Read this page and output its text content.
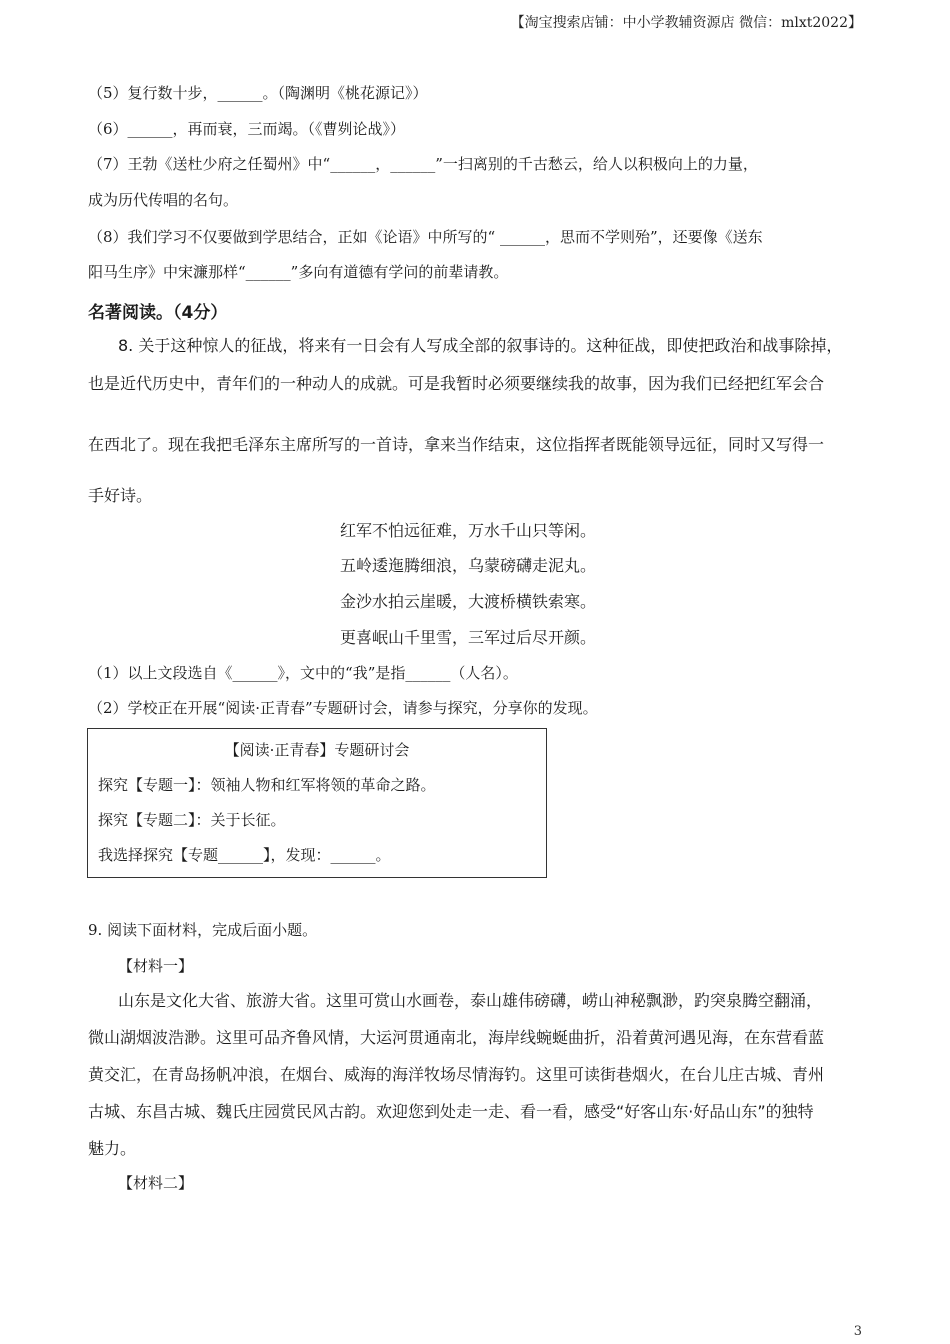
【淘宝搜索店铺：中小学教辅资源店 微信：mlxt2022】
（5）复行数十步，______。（陶渊明《桃花源记》）
（6）______，再而衰，三而竭。（《曹刿论战》）
（7）王勃《送杜少府之任蜀州》中“______，______”一扫离别的千古愁云，给人以积极向上的力量，
成为历代传唱的名句。
（8）我们学习不仅要做到学思结合，正如《论语》中所写的“ ______，思而不学则殆”，还要像《送东
阳马生序》中宋濂那样“______”多向有道德有学问的前辈请教。
名著阅读。（4分）
8. 关于这种惊人的征战，将来有一日会有人写成全部的叙事诗的。这种征战，即使把政治和战事除掉，
也是近代历史中，青年们的一种动人的成就。可是我暂时必须要继续我的故事，因为我们已经把红军会合
在西北了。现在我把毛泽东主席所写的一首诗，拿来当作结束，这位指挥者既能领导远征，同时又写得一
手好诗。
红军不怕远征难，万水千山只等闲。
五岭逶迤腾细浪，乌蒙磅礴走泥丸。
金沙水拍云崖暖，大渡桥横铁索寒。
更喜岷山千里雪，三军过后尽开颜。
（1）以上文段选自《______》，文中的“我”是指______（人名）。
（2）学校正在开展“阅读·正青春”专题研讨会，请参与探究，分享你的发现。
【阅读·正青春】专题研讨会
探究【专题一】：领袖人物和红军将领的革命之路。
探究【专题二】：关于长征。
我选择探究【专题______】，发现：______。
9. 阅读下面材料，完成后面小题。
【材料一】
山东是文化大省、旅游大省。这里可赏山水画卷，泰山雄伟磅礴，崂山神秘飘渺，趵突泉腾空翻涌，
微山湖烟波浩渺。这里可品齐鲁风情，大运河贯通南北，海岸线蜿蜒曲折，沿着黄河遇见海，在东营看蓝
黄交汇，在青岛扬帆冲浪，在烟台、威海的海洋牧场尽情海钓。这里可读街巷烟火，在台儿庄古城、青州
古城、东昌古城、魏氏庄园赏民风古韵。欢迎您到处走一走、看一看，感受“好客山东·好品山东”的独特
魅力。
【材料二】
3
